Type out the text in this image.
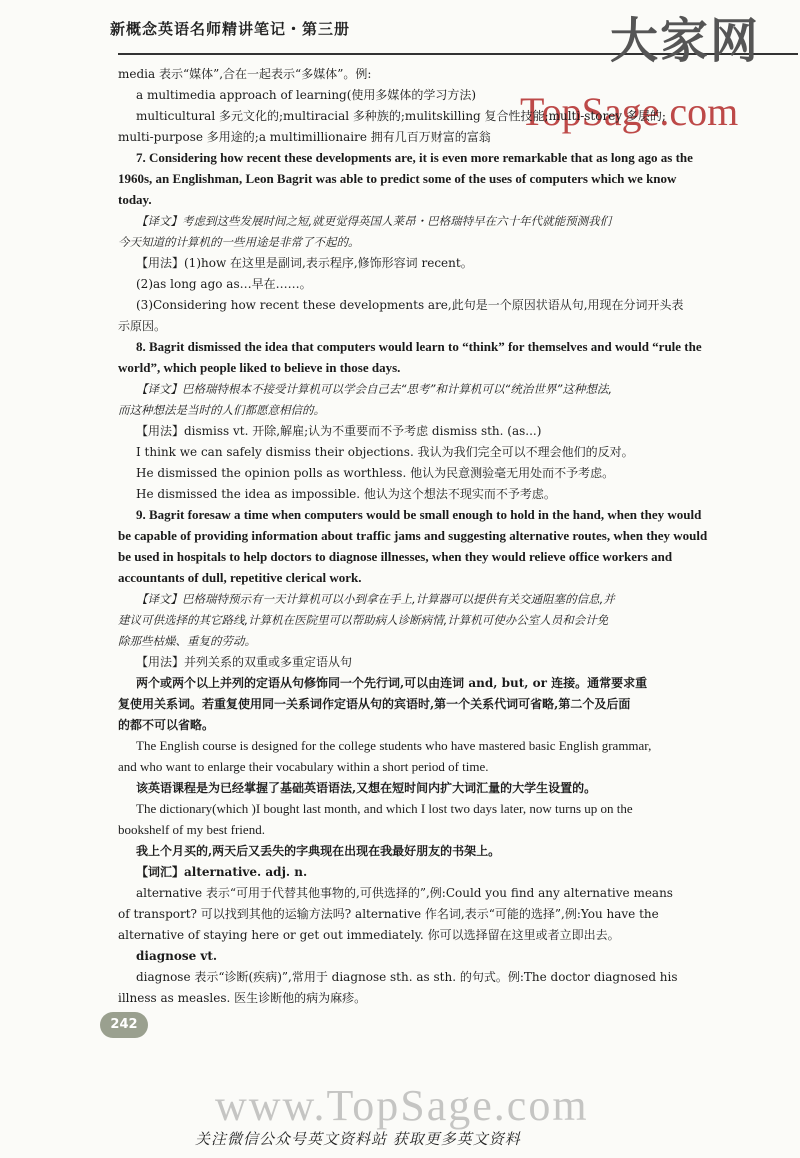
新概念英语名师精讲笔记・第三册	大家网
TopSage.com

media 表示“媒体”,合在一起表示“多媒体”。例:

a multimedia approach of learning(使用多媒体的学习方法)

multicultural 多元文化的;multiracial 多种族的;mulitskilling 复合性技能;multi-storey 多层的;

multi-purpose 多用途的;a multimillionaire 拥有几百万财富的富翁

7. Considering how recent these developments are, it is even more remarkable that as long ago as the

1960s, an Englishman, Leon Bagrit was able to predict some of the uses of computers which we know

today.

【译文】考虑到这些发展时间之短,就更觉得英国人莱昂・巴格瑞特早在六十年代就能预测我们

今天知道的计算机的一些用途是非常了不起的。

【用法】(1)how 在这里是副词,表示程序,修饰形容词 recent。

(2)as long ago as…早在……。

(3)Considering how recent these developments are,此句是一个原因状语从句,用现在分词开头表

示原因。

8. Bagrit dismissed the idea that computers would learn to “think” for themselves and would “rule the

world”, which people liked to believe in those days.

【译文】巴格瑞特根本不接受计算机可以学会自己去“思考”和计算机可以“统治世界”这种想法,

而这种想法是当时的人们都愿意相信的。

【用法】dismiss vt. 开除,解雇;认为不重要而不予考虑 dismiss sth. (as...)

I think we can safely dismiss their objections. 我认为我们完全可以不理会他们的反对。

He dismissed the opinion polls as worthless. 他认为民意测验毫无用处而不予考虑。

He dismissed the idea as impossible. 他认为这个想法不现实而不予考虑。

9. Bagrit foresaw a time when computers would be small enough to hold in the hand, when they would

be capable of providing information about traffic jams and suggesting alternative routes, when they would

be used in hospitals to help doctors to diagnose illnesses, when they would relieve office workers and

accountants of dull, repetitive clerical work.

【译文】巴格瑞特预示有一天计算机可以小到拿在手上,计算器可以提供有关交通阻塞的信息,并

建议可供选择的其它路线,计算机在医院里可以帮助病人诊断病情,计算机可使办公室人员和会计免

除那些枯燥、重复的劳动。

【用法】并列关系的双重或多重定语从句

两个或两个以上并列的定语从句修饰同一个先行词,可以由连词 and, but, or 连接。通常要求重

复使用关系词。若重复使用同一关系词作定语从句的宾语时,第一个关系代词可省略,第二个及后面

的都不可以省略。

The English course is designed for the college students who have mastered basic English grammar,

and who want to enlarge their vocabulary within a short period of time.

该英语课程是为已经掌握了基础英语语法,又想在短时间内扩大词汇量的大学生设置的。

The dictionary(which )I bought last month, and which I lost two days later, now turns up on the

bookshelf of my best friend.

我上个月买的,两天后又丢失的字典现在出现在我最好朋友的书架上。

【词汇】alternative. adj. n.

alternative 表示“可用于代替其他事物的,可供选择的”,例:Could you find any alternative means

of transport? 可以找到其他的运输方法吗? alternative 作名词,表示“可能的选择”,例:You have the

alternative of staying here or get out immediately. 你可以选择留在这里或者立即出去。

diagnose vt.

diagnose 表示“诊断(疾病)”,常用于 diagnose sth. as sth. 的句式。例:The doctor diagnosed his

illness as measles. 医生诊断他的病为麻疹。

242
www.TopSage.com
关注微信公众号英文资料站 获取更多英文资料
